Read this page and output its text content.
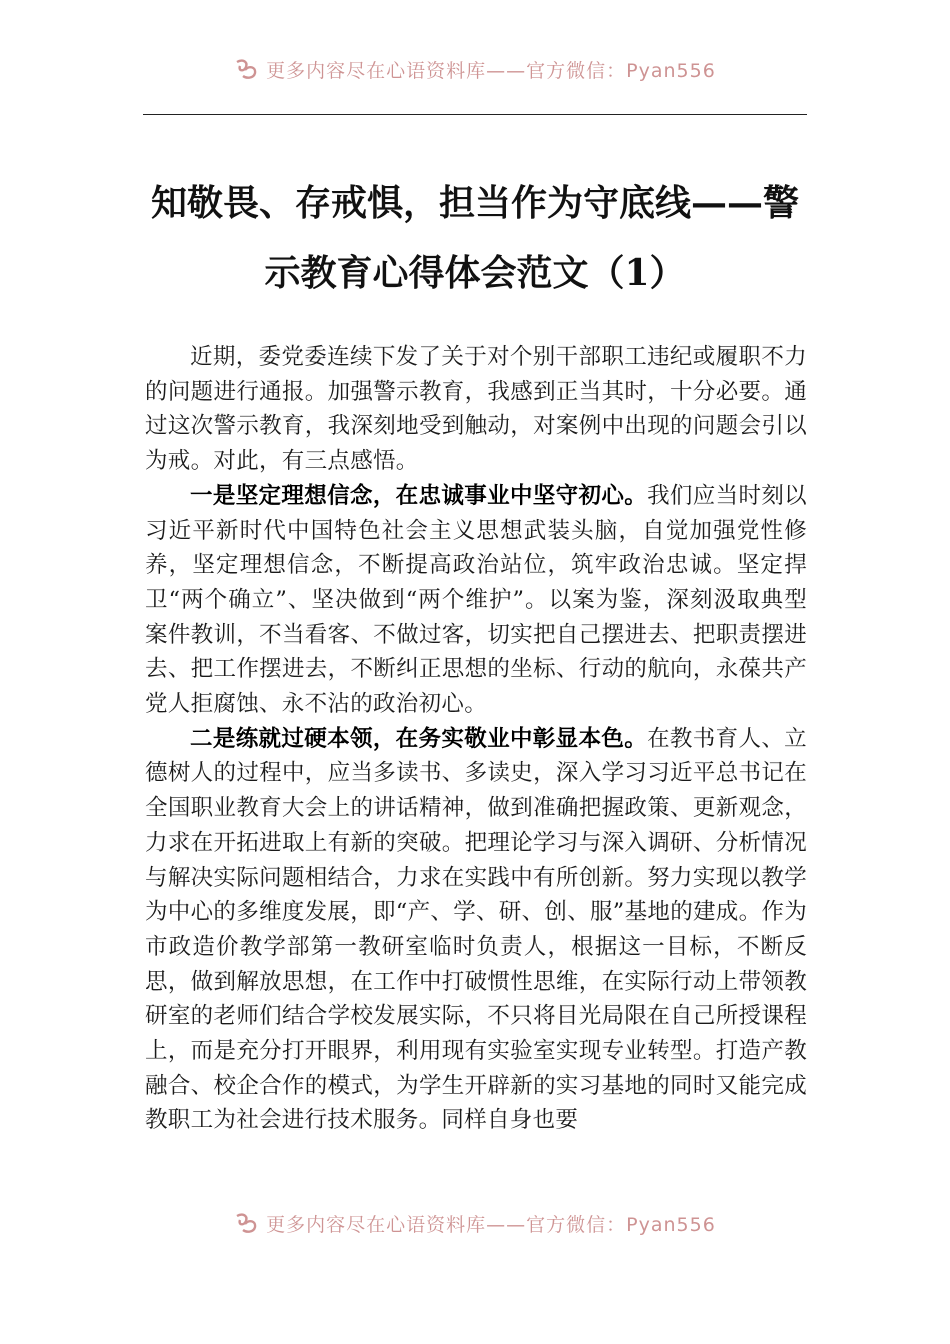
更多内容尽在心语资料库——官方微信：Pyan556
知敬畏、存戒惧，担当作为守底线——警
示教育心得体会范文（1）

近期，委党委连续下发了关于对个别干部职工违纪或履职不力的问题进行通报。加强警示教育，我感到正当其时，十分必要。通过这次警示教育，我深刻地受到触动，对案例中出现的问题会引以为戒。对此，有三点感悟。

一是坚定理想信念，在忠诚事业中坚守初心。我们应当时刻以习近平新时代中国特色社会主义思想武装头脑，自觉加强党性修养，坚定理想信念，不断提高政治站位，筑牢政治忠诚。坚定捍卫“两个确立”、坚决做到“两个维护”。以案为鉴，深刻汲取典型案件教训，不当看客、不做过客，切实把自己摆进去、把职责摆进去、把工作摆进去，不断纠正思想的坐标、行动的航向，永葆共产党人拒腐蚀、永不沾的政治初心。

二是练就过硬本领，在务实敬业中彰显本色。在教书育人、立德树人的过程中，应当多读书、多读史，深入学习习近平总书记在全国职业教育大会上的讲话精神，做到准确把握政策、更新观念，力求在开拓进取上有新的突破。把理论学习与深入调研、分析情况与解决实际问题相结合，力求在实践中有所创新。努力实现以教学为中心的多维度发展，即“产、学、研、创、服”基地的建成。作为市政造价教学部第一教研室临时负责人，根据这一目标，不断反思，做到解放思想，在工作中打破惯性思维，在实际行动上带领教研室的老师们结合学校发展实际，不只将目光局限在自己所授课程上，而是充分打开眼界，利用现有实验室实现专业转型。打造产教融合、校企合作的模式，为学生开辟新的实习基地的同时又能完成教职工为社会进行技术服务。同样自身也要

更多内容尽在心语资料库——官方微信：Pyan556
